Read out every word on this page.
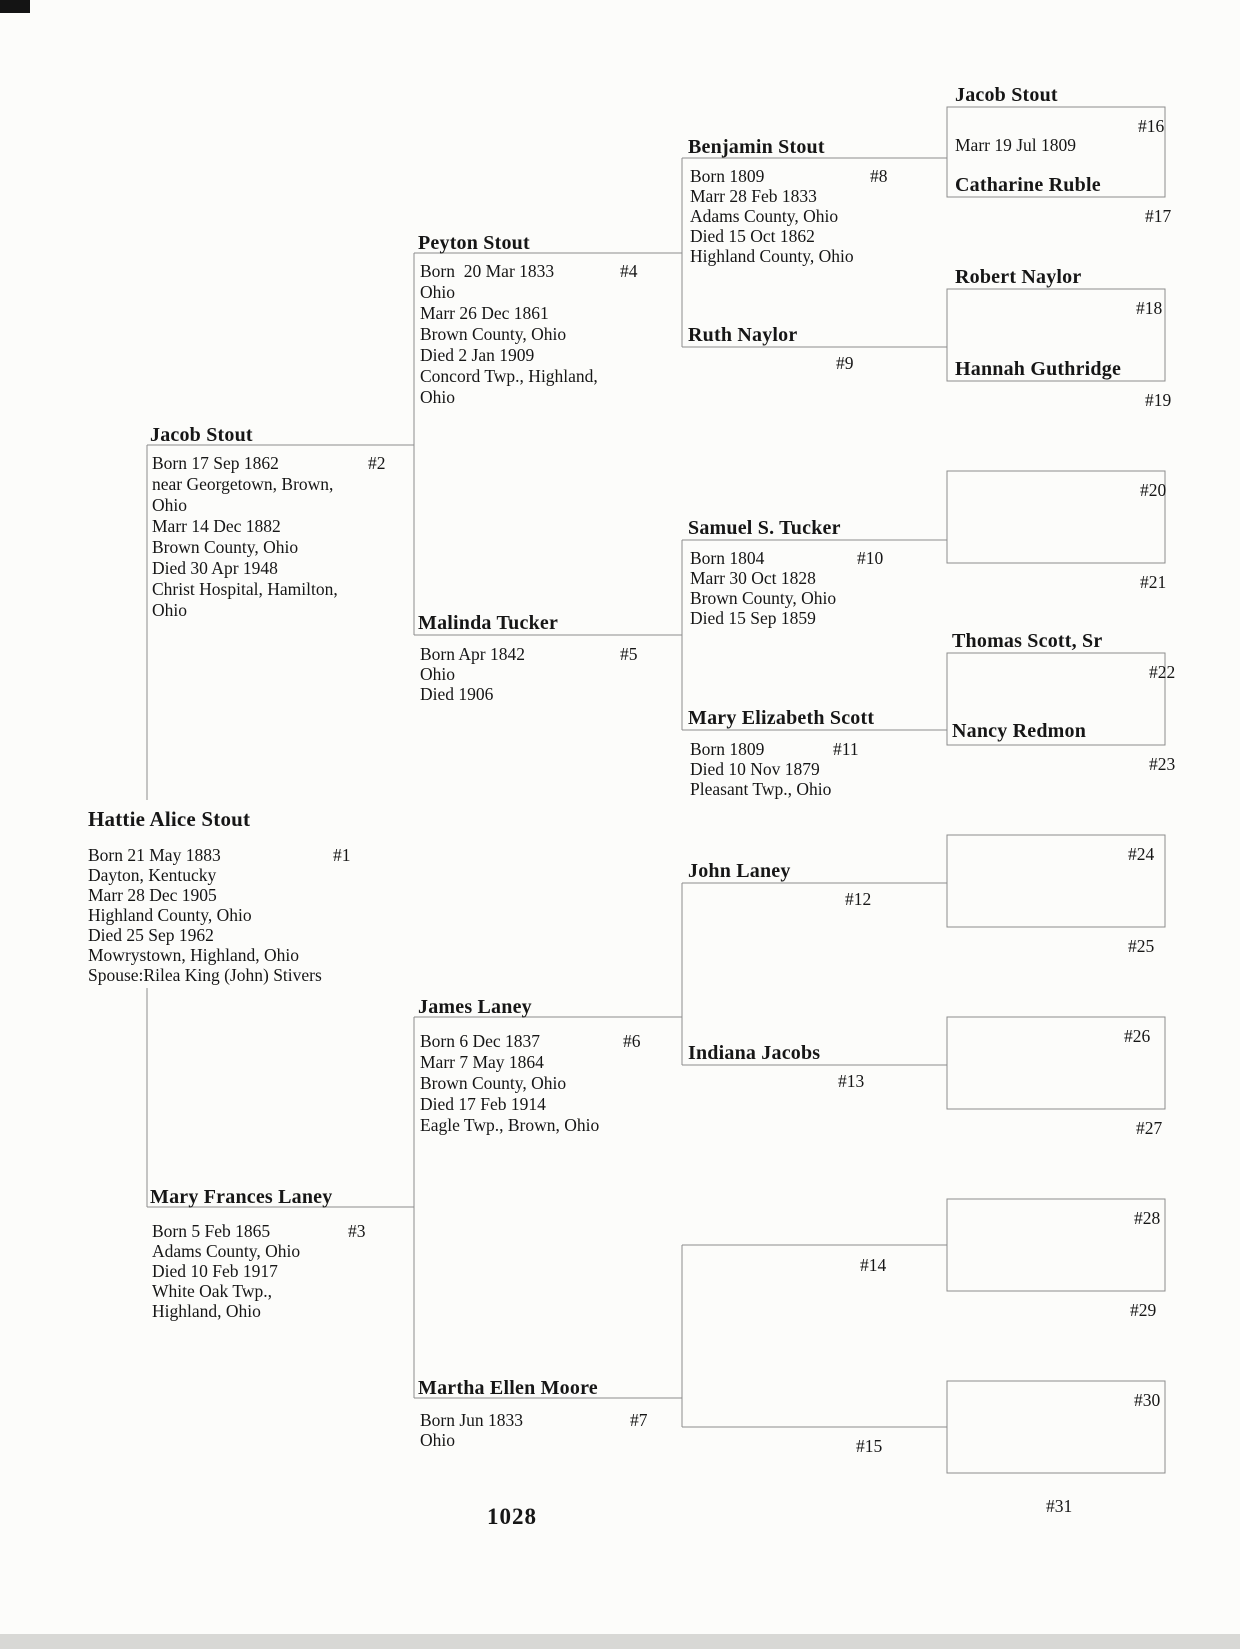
Hattie Alice Stout
Born 21 May 1883	#1
Dayton, Kentucky
Marr 28 Dec 1905
Highland County, Ohio
Died 25 Sep 1962
Mowrystown, Highland, Ohio
Spouse:Rilea King (John) Stivers
Jacob Stout
Born 17 Sep 1862	#2
near Georgetown, Brown,
Ohio
Marr 14 Dec 1882
Brown County, Ohio
Died 30 Apr 1948
Christ Hospital, Hamilton,
Ohio
Mary Frances Laney
Born 5 Feb 1865	#3
Adams County, Ohio
Died 10 Feb 1917
White Oak Twp.,
Highland, Ohio
Peyton Stout
Born  20 Mar 1833	#4
Ohio
Marr 26 Dec 1861
Brown County, Ohio
Died 2 Jan 1909
Concord Twp., Highland,
Ohio
Malinda Tucker
Born Apr 1842	#5
Ohio
Died 1906
James Laney
Born 6 Dec 1837	#6
Marr 7 May 1864
Brown County, Ohio
Died 17 Feb 1914
Eagle Twp., Brown, Ohio
Martha Ellen Moore
Born Jun 1833	#7
Ohio
Benjamin Stout
Born 1809	#8
Marr 28 Feb 1833
Adams County, Ohio
Died 15 Oct 1862
Highland County, Ohio
Ruth Naylor
#9
Samuel S. Tucker
Born 1804	#10
Marr 30 Oct 1828
Brown County, Ohio
Died 15 Sep 1859
Mary Elizabeth Scott
Born 1809	#11
Died 10 Nov 1879
Pleasant Twp., Ohio
John Laney
#12
Indiana Jacobs
#13
#14
#15
Jacob Stout
#16
Marr 19 Jul 1809
Catharine Ruble
#17
Robert Naylor
#18
Hannah Guthridge
#19
#20
#21
Thomas Scott, Sr
#22
Nancy Redmon
#23
#24
#25
#26
#27
#28
#29
#30
#31
1028
